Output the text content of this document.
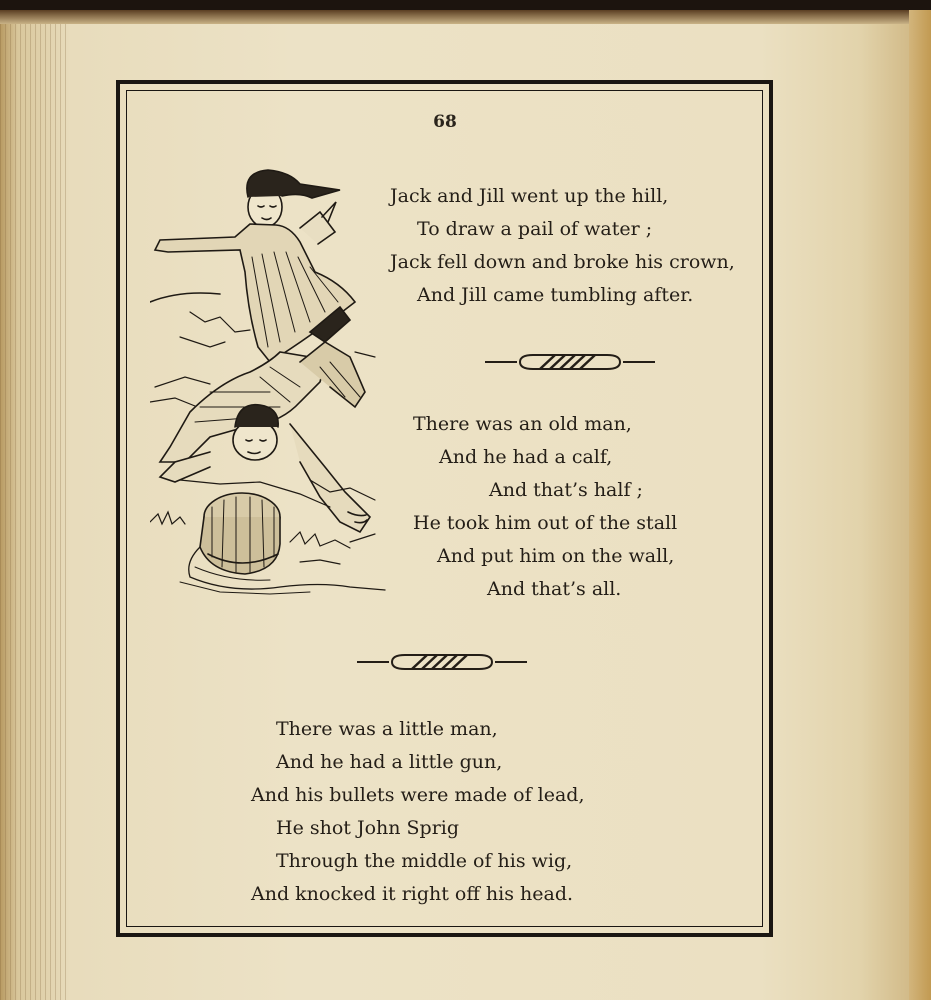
68
Jack and Jill went up the hill,
To draw a pail of water ;
Jack fell down and broke his crown,
And Jill came tumbling after.
There was an old man,
And he had a calf,
And that’s half ;
He took him out of the stall
And put him on the wall,
And that’s all.
There was a little man,
And he had a little gun,
And his bullets were made of lead,
He shot John Sprig
Through the middle of his wig,
And knocked it right off his head.
